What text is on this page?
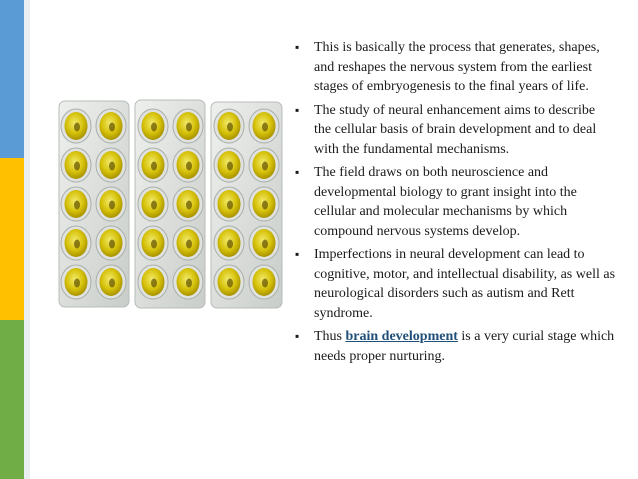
▪ This is basically the process that generates, shapes, and reshapes the nervous system from the earliest stages of embryogenesis to the final years of life.
▪ The study of neural enhancement aims to describe the cellular basis of brain development and to deal with the fundamental mechanisms.
▪ The field draws on both neuroscience and developmental biology to grant insight into the cellular and molecular mechanisms by which compound nervous systems develop.
▪ Imperfections in neural development can lead to cognitive, motor, and intellectual disability, as well as neurological disorders such as autism and Rett syndrome.
▪ Thus brain development is a very curial stage which needs proper nurturing.
